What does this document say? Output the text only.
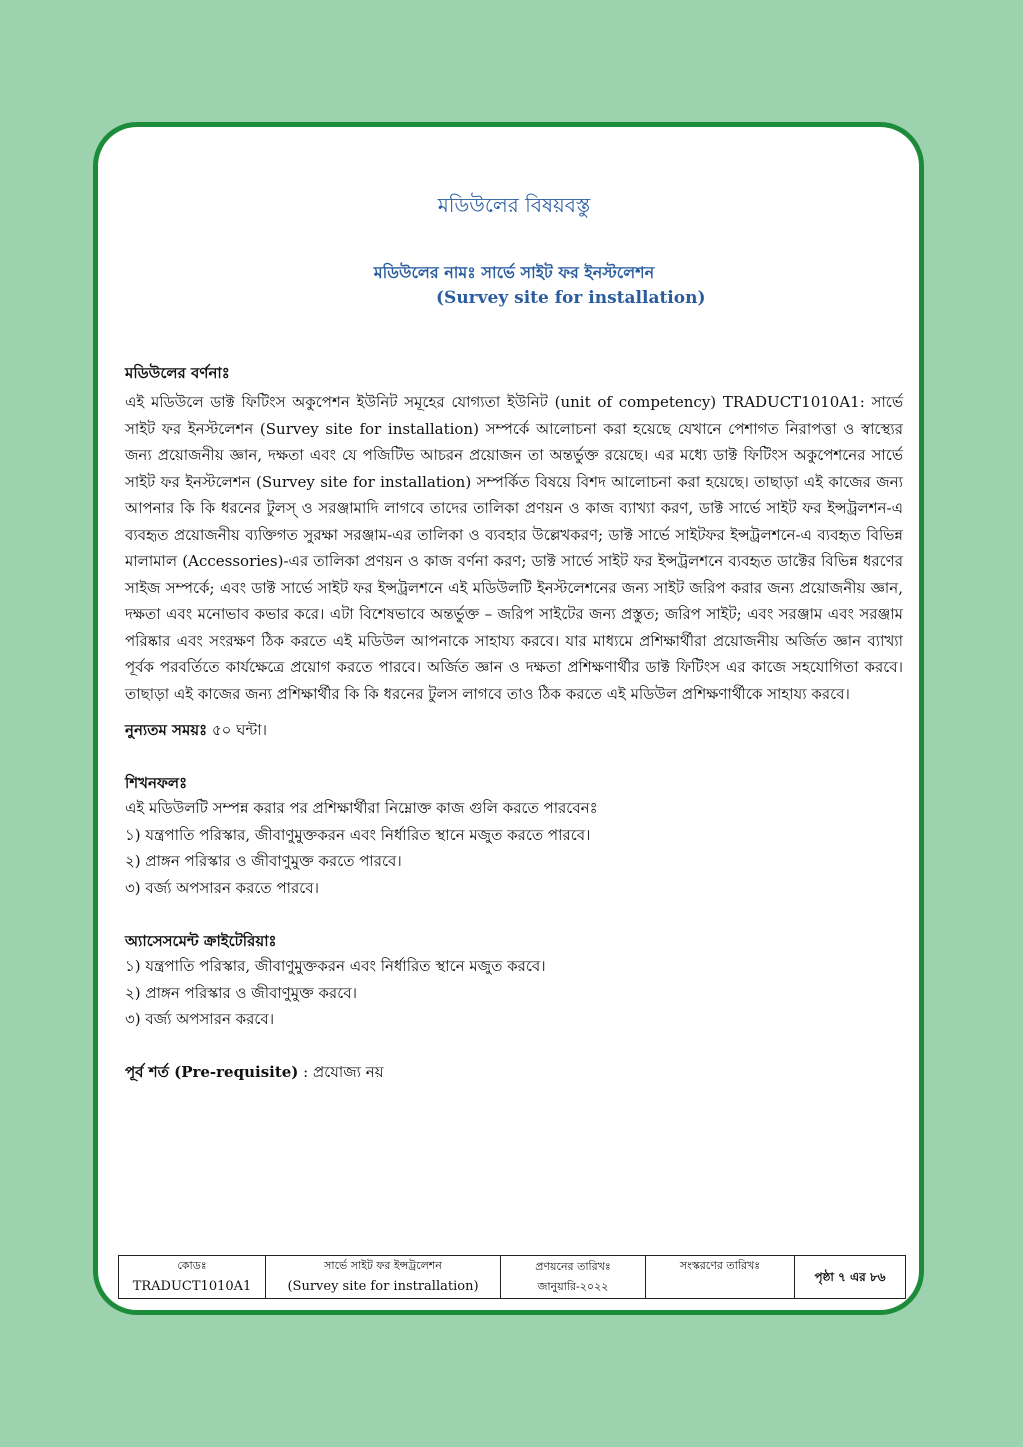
মডিউলের বিষয়বস্তু
মডিউলের নামঃ সার্ভে সাইট ফর ইনস্টলেশন
(Survey site for installation)
মডিউলের বর্ণনাঃ

এই মডিউলে ডাক্ট ফিটিংস অকুপেশন ইউনিট সমূহের যোগ্যতা ইউনিট (unit of competency) TRADUCT1010A1: সার্ভে সাইট ফর ইনস্টলেশন (Survey site for installation) সম্পর্কে আলোচনা করা হয়েছে যেখানে পেশাগত নিরাপত্তা ও স্বাস্থ্যের জন্য প্রয়োজনীয় জ্ঞান, দক্ষতা এবং যে পজিটিভ আচরন প্রয়োজন তা অন্তর্ভুক্ত রয়েছে। এর মধ্যে ডাক্ট ফিটিংস অকুপেশনের সার্ভে সাইট ফর ইনস্টলেশন (Survey site for installation) সম্পর্কিত বিষয়ে বিশদ আলোচনা করা হয়েছে। তাছাড়া এই কাজের জন্য আপনার কি কি ধরনের টুলস্ ও সরঞ্জামাদি লাগবে তাদের তালিকা প্রণয়ন ও কাজ ব্যাখ্যা করণ, ডাক্ট সার্ভে সাইট ফর ইন্সট্রলশন-এ ব্যবহৃত প্রয়োজনীয় ব্যক্তিগত সুরক্ষা সরঞ্জাম-এর তালিকা ও ব্যবহার উল্লেখকরণ; ডাক্ট সার্ভে সাইটফর ইন্সট্রলশনে-এ ব্যবহৃত বিভিন্ন মালামাল (Accessories)-এর তালিকা প্রণয়ন ও কাজ বর্ণনা করণ; ডাক্ট সার্ভে সাইট ফর ইন্সট্রলশনে ব্যবহৃত ডাক্টের বিভিন্ন ধরণের সাইজ সম্পর্কে; এবং ডাক্ট সার্ভে সাইট ফর ইন্সট্রলশনে এই মডিউলটি ইনস্টলেশনের জন্য সাইট জরিপ করার জন্য প্রয়োজনীয় জ্ঞান, দক্ষতা এবং মনোভাব কভার করে। এটা বিশেষভাবে অন্তর্ভুক্ত – জরিপ সাইটের জন্য প্রস্তুত; জরিপ সাইট; এবং সরঞ্জাম এবং সরঞ্জাম পরিষ্কার এবং সংরক্ষণ ঠিক করতে এই মডিউল আপনাকে সাহায্য করবে। যার মাধ্যমে প্রশিক্ষার্থীরা প্রয়োজনীয় অর্জিত জ্ঞান ব্যাখ্যা পূর্বক পরবর্তিতে কার্যক্ষেত্রে প্রয়োগ করতে পারবে। অর্জিত জ্ঞান ও দক্ষতা প্রশিক্ষণার্থীর ডাক্ট ফিটিংস এর কাজে সহযোগিতা করবে। তাছাড়া এই কাজের জন্য প্রশিক্ষার্থীর কি কি ধরনের টুলস লাগবে তাও ঠিক করতে এই মডিউল প্রশিক্ষণার্থীকে সাহায্য করবে।

নুন্যতম সময়ঃ ৫০ ঘন্টা।
শিখনফলঃ

এই মডিউলটি সম্পন্ন করার পর প্রশিক্ষার্থীরা নিম্নোক্ত কাজ গুলি করতে পারবেনঃ

১) যন্ত্রপাতি পরিস্কার, জীবাণুমুক্তকরন এবং নির্ধারিত স্থানে মজুত করতে পারবে।

২) প্রাঙ্গন পরিস্কার ও জীবাণুমুক্ত করতে পারবে।

৩) বর্জ্য অপসারন করতে পারবে।

অ্যাসেসমেন্ট ক্রাইটেরিয়াঃ

১) যন্ত্রপাতি পরিস্কার, জীবাণুমুক্তকরন এবং নির্ধারিত স্থানে মজুত করবে।

২) প্রাঙ্গন পরিস্কার ও জীবাণুমুক্ত করবে।

৩) বর্জ্য অপসারন করবে।

পূর্ব শর্ত (Pre-requisite) : প্রযোজ্য নয়
কোডঃ
TRADUCT1010A1

সার্ভে সাইট ফর ইন্সট্রলেশন
(Survey site for instrallation)

প্রণয়নের তারিখঃ
জানুয়ারি-২০২২

সংস্করণের তারিখঃ
	পৃষ্ঠা ৭ এর ৮৬
